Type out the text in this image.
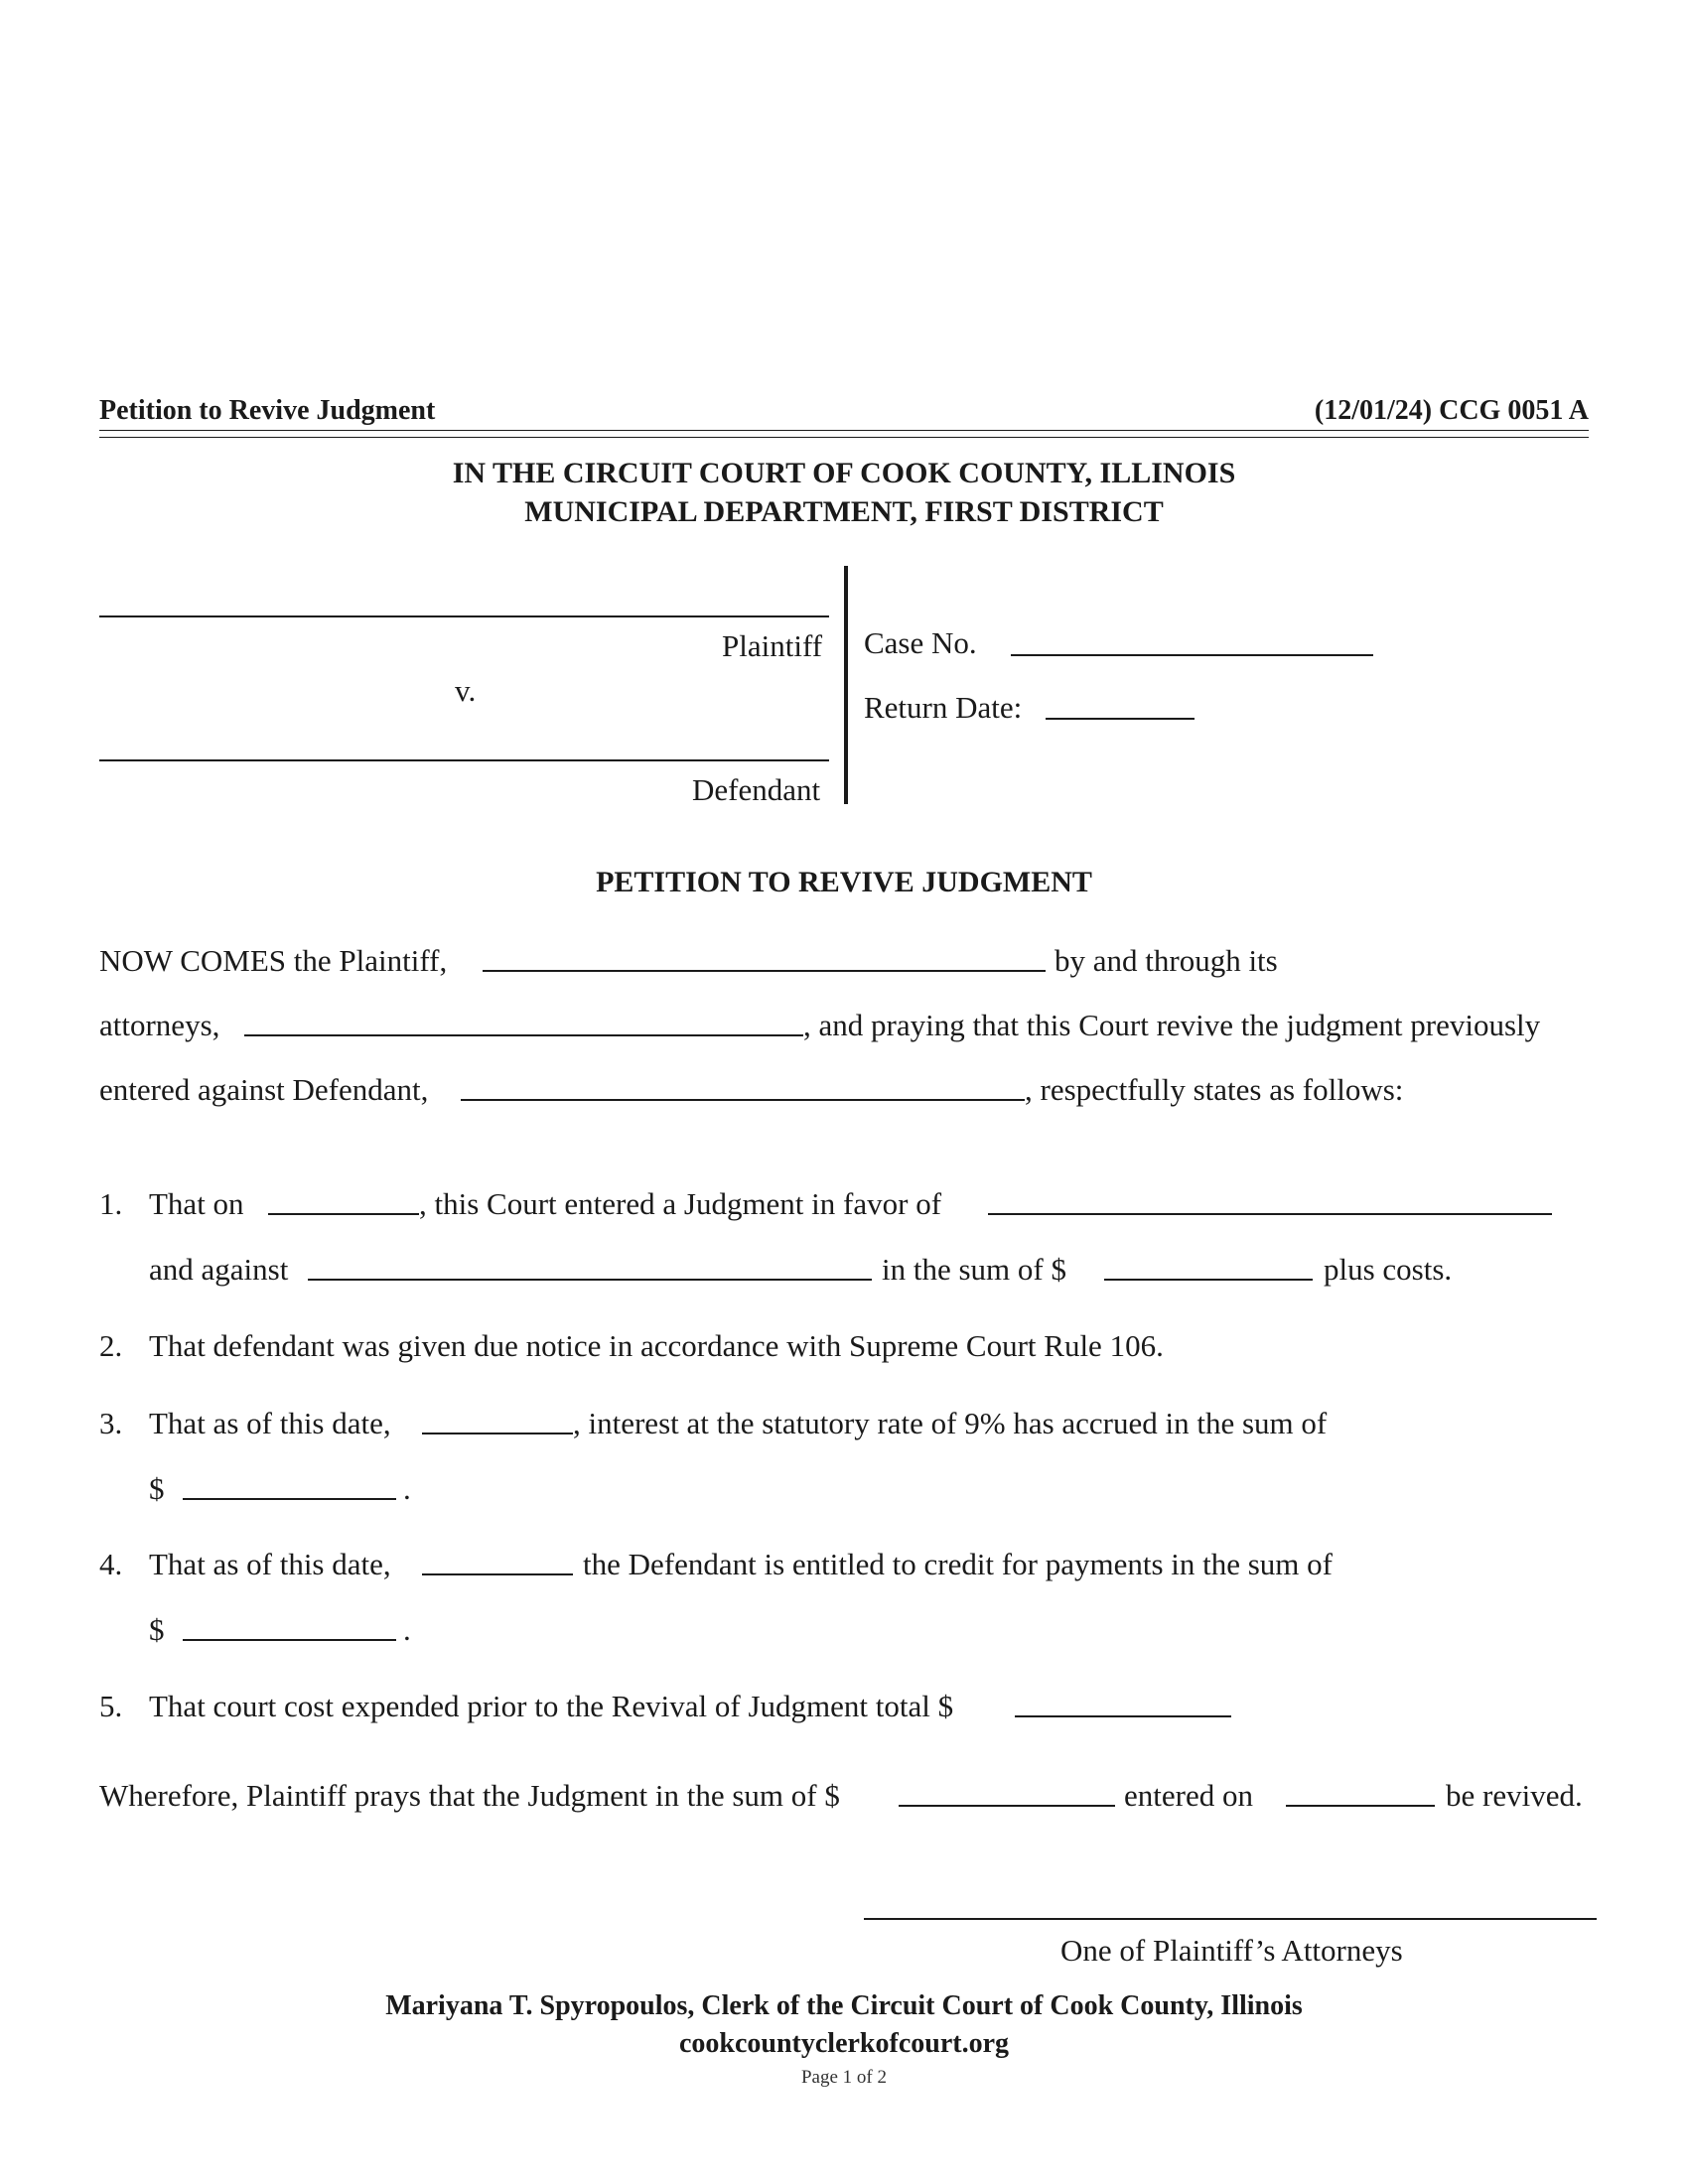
Petition to Revive Judgment	(12/01/24) CCG 0051 A
IN THE CIRCUIT COURT OF COOK COUNTY, ILLINOIS
MUNICIPAL DEPARTMENT, FIRST DISTRICT
Plaintiff
v.
Defendant
Case No.
Return Date:
PETITION TO REVIVE JUDGMENT
NOW COMES the Plaintiff,	by and through its
attorneys,	, and praying that this Court revive the judgment previously
entered against Defendant,	, respectfully states as follows:
1. That on	, this Court entered a Judgment in favor of
and against	in the sum of $	plus costs.
2. That defendant was given due notice in accordance with Supreme Court Rule 106.
3. That as of this date,	, interest at the statutory rate of 9% has accrued in the sum of
$	.
4. That as of this date,	the Defendant is entitled to credit for payments in the sum of
$	.
5. That court cost expended prior to the Revival of Judgment total $
Wherefore, Plaintiff prays that the Judgment in the sum of $	entered on	be revived.
One of Plaintiff’s Attorneys
Mariyana T. Spyropoulos, Clerk of the Circuit Court of Cook County, Illinois
cookcountyclerkofcourt.org
Page 1 of 2
